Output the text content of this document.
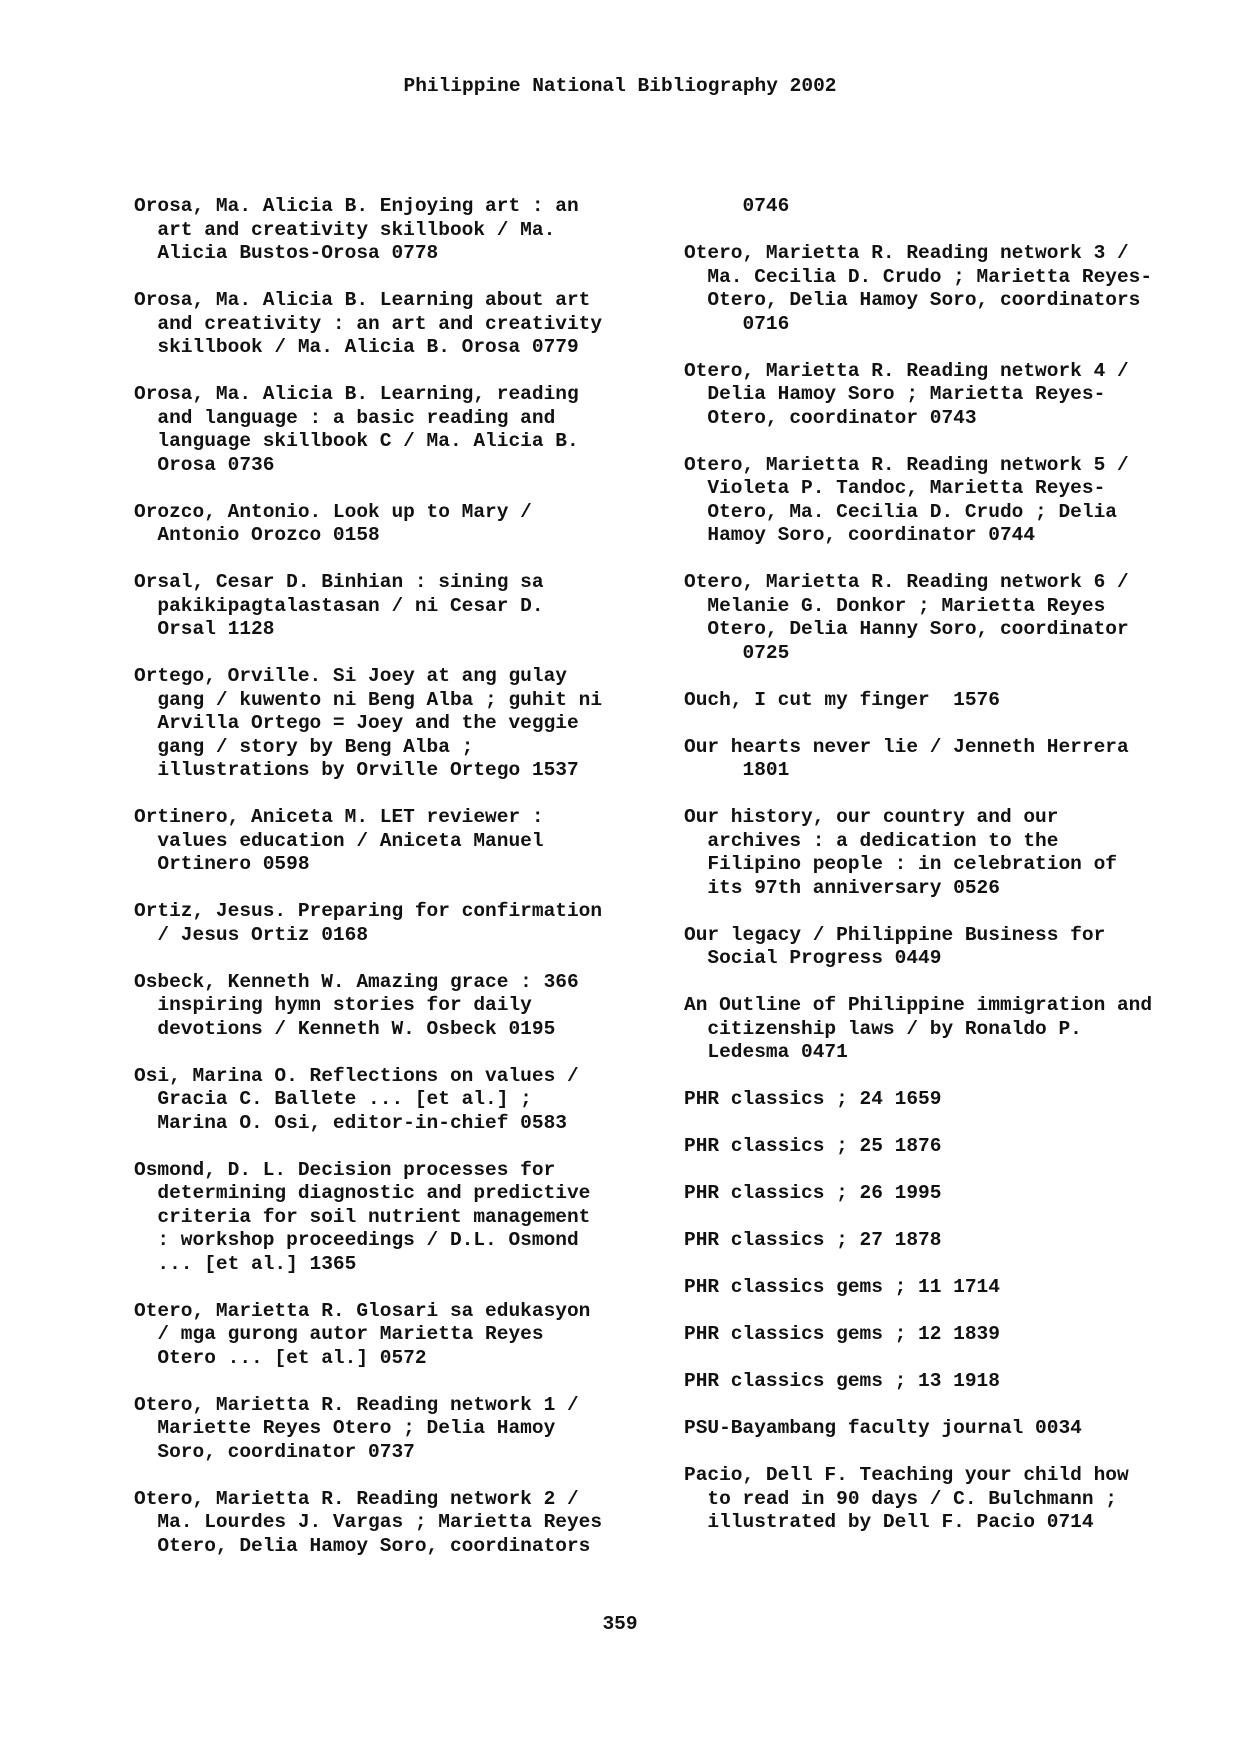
Philippine National Bibliography 2002
Orosa, Ma. Alicia B. Enjoying art : an
art and creativity skillbook / Ma.
Alicia Bustos-Orosa 0778
Orosa, Ma. Alicia B. Learning about art
and creativity : an art and creativity
skillbook / Ma. Alicia B. Orosa 0779
Orosa, Ma. Alicia B. Learning, reading
and language : a basic reading and
language skillbook C / Ma. Alicia B.
Orosa 0736
Orozco, Antonio. Look up to Mary /
Antonio Orozco 0158
Orsal, Cesar D. Binhian : sining sa
pakikipagtalastasan / ni Cesar D.
Orsal 1128
Ortego, Orville. Si Joey at ang gulay
gang / kuwento ni Beng Alba ; guhit ni
Arvilla Ortego = Joey and the veggie
gang / story by Beng Alba ;
illustrations by Orville Ortego 1537
Ortinero, Aniceta M. LET reviewer :
values education / Aniceta Manuel
Ortinero 0598
Ortiz, Jesus. Preparing for confirmation
/ Jesus Ortiz 0168
Osbeck, Kenneth W. Amazing grace : 366
inspiring hymn stories for daily
devotions / Kenneth W. Osbeck 0195
Osi, Marina O. Reflections on values /
Gracia C. Ballete ... [et al.] ;
Marina O. Osi, editor-in-chief 0583
Osmond, D. L. Decision processes for
determining diagnostic and predictive
criteria for soil nutrient management
: workshop proceedings / D.L. Osmond
... [et al.] 1365
Otero, Marietta R. Glosari sa edukasyon
/ mga gurong autor Marietta Reyes
Otero ... [et al.] 0572
Otero, Marietta R. Reading network 1 /
Mariette Reyes Otero ; Delia Hamoy
Soro, coordinator 0737
Otero, Marietta R. Reading network 2 /
Ma. Lourdes J. Vargas ; Marietta Reyes
Otero, Delia Hamoy Soro, coordinators
0746
Otero, Marietta R. Reading network 3 /
Ma. Cecilia D. Crudo ; Marietta Reyes-
Otero, Delia Hamoy Soro, coordinators
0716
Otero, Marietta R. Reading network 4 /
Delia Hamoy Soro ; Marietta Reyes-
Otero, coordinator 0743
Otero, Marietta R. Reading network 5 /
Violeta P. Tandoc, Marietta Reyes-
Otero, Ma. Cecilia D. Crudo ; Delia
Hamoy Soro, coordinator 0744
Otero, Marietta R. Reading network 6 /
Melanie G. Donkor ; Marietta Reyes
Otero, Delia Hanny Soro, coordinator
0725
Ouch, I cut my finger  1576
Our hearts never lie / Jenneth Herrera
1801
Our history, our country and our
archives : a dedication to the
Filipino people : in celebration of
its 97th anniversary 0526
Our legacy / Philippine Business for
Social Progress 0449
An Outline of Philippine immigration and
citizenship laws / by Ronaldo P.
Ledesma 0471
PHR classics ; 24 1659
PHR classics ; 25 1876
PHR classics ; 26 1995
PHR classics ; 27 1878
PHR classics gems ; 11 1714
PHR classics gems ; 12 1839
PHR classics gems ; 13 1918
PSU-Bayambang faculty journal 0034
Pacio, Dell F. Teaching your child how
to read in 90 days / C. Bulchmann ;
illustrated by Dell F. Pacio 0714
359
